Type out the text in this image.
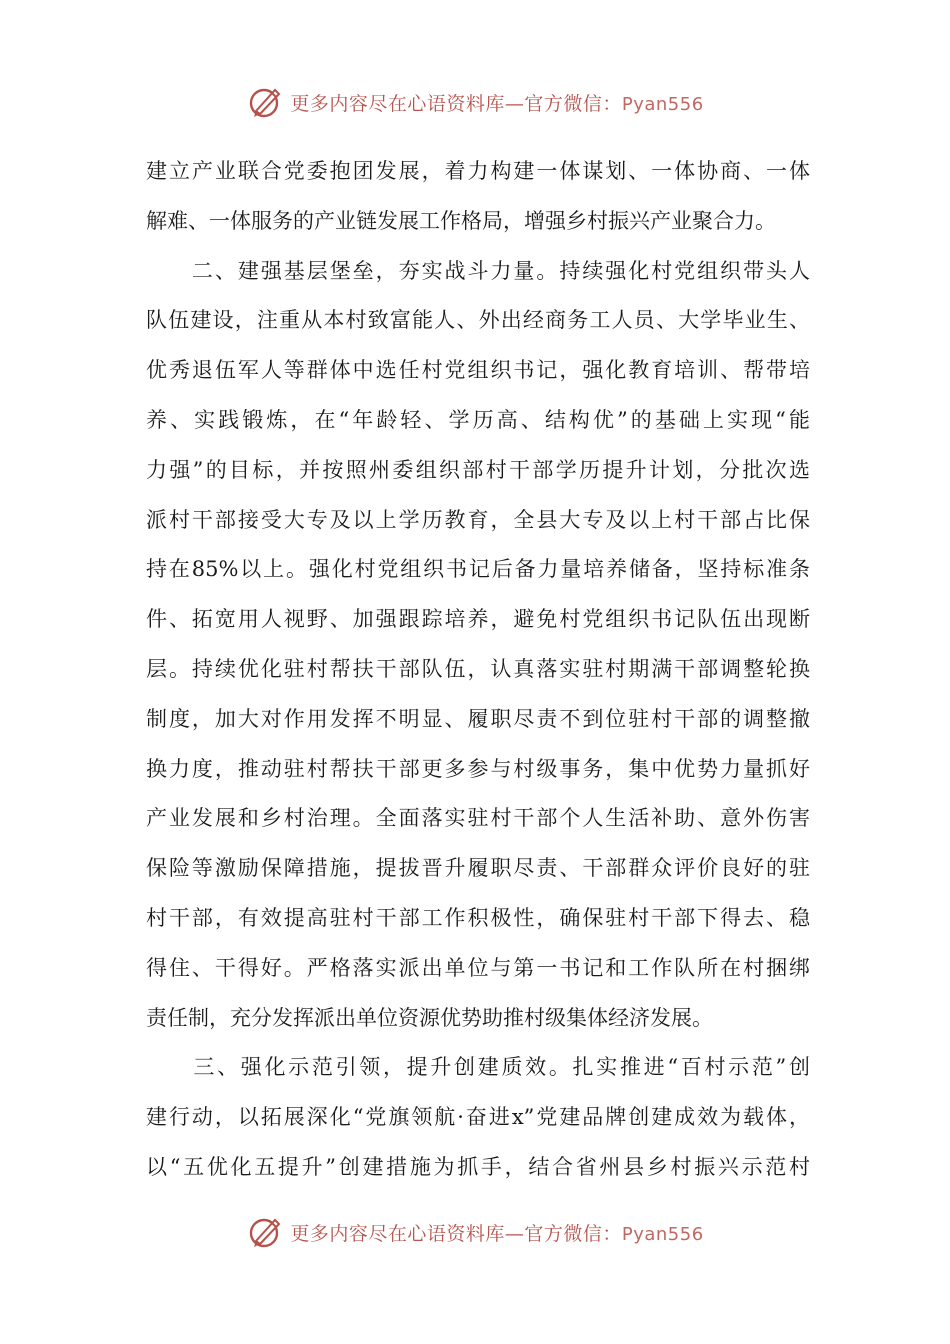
更多内容尽在心语资料库—官方微信：Pyan556
建立产业联合党委抱团发展，着力构建一体谋划、一体协商、一体
解难、一体服务的产业链发展工作格局，增强乡村振兴产业聚合力。
　　二、建强基层堡垒，夯实战斗力量。持续强化村党组织带头人
队伍建设，注重从本村致富能人、外出经商务工人员、大学毕业生、
优秀退伍军人等群体中选任村党组织书记，强化教育培训、帮带培
养、实践锻炼，在“年龄轻、学历高、结构优”的基础上实现“能
力强”的目标，并按照州委组织部村干部学历提升计划，分批次选
派村干部接受大专及以上学历教育，全县大专及以上村干部占比保
持在85%以上。强化村党组织书记后备力量培养储备，坚持标准条
件、拓宽用人视野、加强跟踪培养，避免村党组织书记队伍出现断
层。持续优化驻村帮扶干部队伍，认真落实驻村期满干部调整轮换
制度，加大对作用发挥不明显、履职尽责不到位驻村干部的调整撤
换力度，推动驻村帮扶干部更多参与村级事务，集中优势力量抓好
产业发展和乡村治理。全面落实驻村干部个人生活补助、意外伤害
保险等激励保障措施，提拔晋升履职尽责、干部群众评价良好的驻
村干部，有效提高驻村干部工作积极性，确保驻村干部下得去、稳
得住、干得好。严格落实派出单位与第一书记和工作队所在村捆绑
责任制，充分发挥派出单位资源优势助推村级集体经济发展。
　　三、强化示范引领，提升创建质效。扎实推进“百村示范”创
建行动，以拓展深化“党旗领航·奋进x”党建品牌创建成效为载体，
以“五优化五提升”创建措施为抓手，结合省州县乡村振兴示范村
更多内容尽在心语资料库—官方微信：Pyan556
